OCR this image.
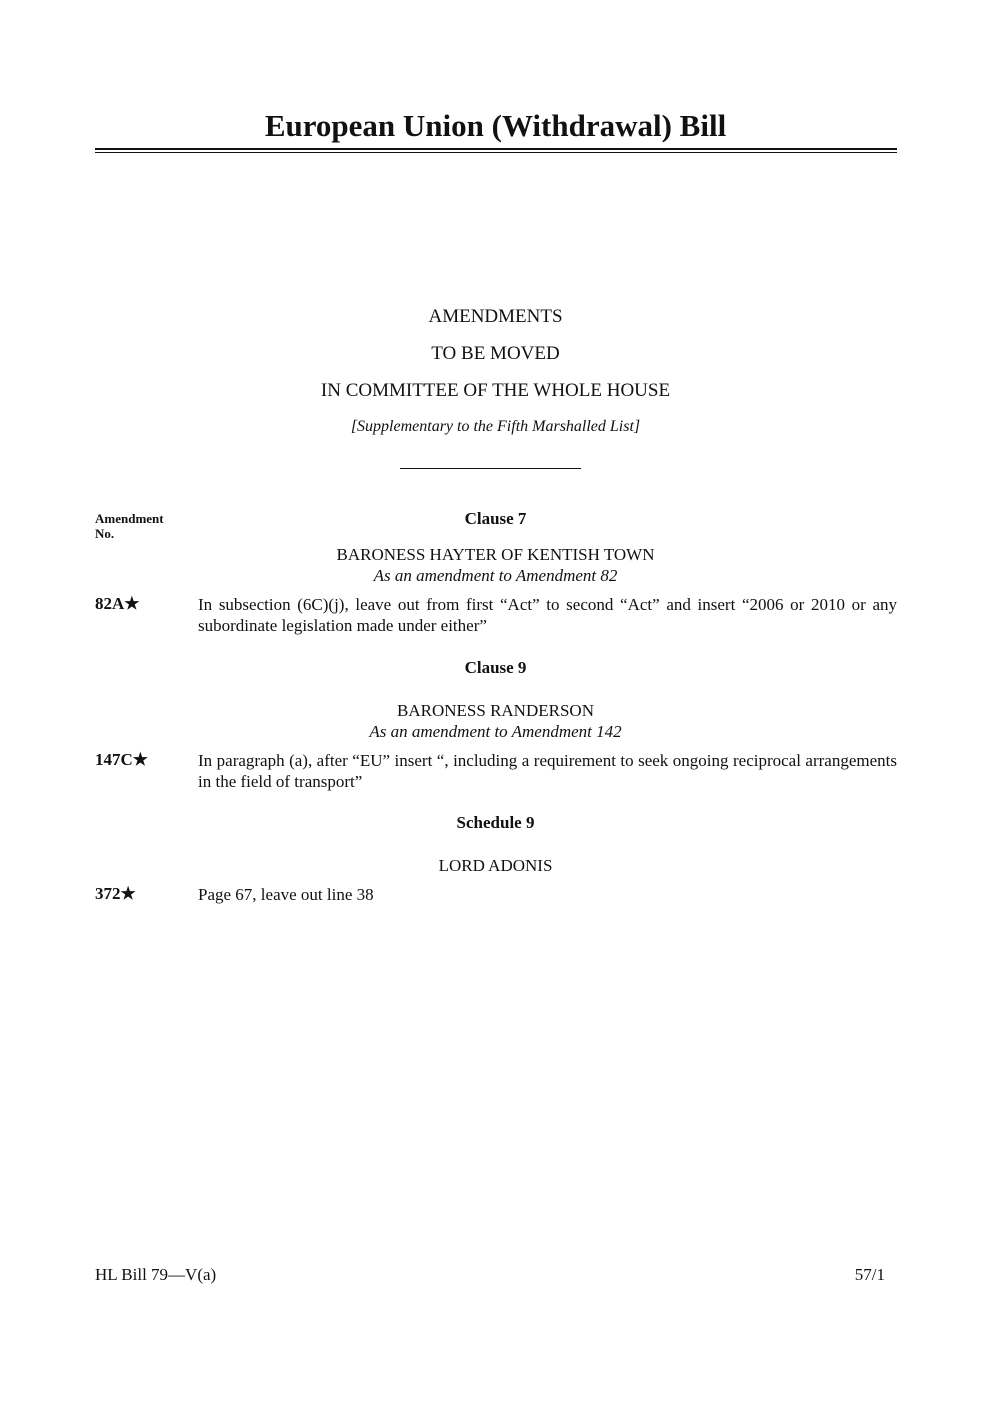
European Union (Withdrawal) Bill
AMENDMENTS
TO BE MOVED
IN COMMITTEE OF THE WHOLE HOUSE
[Supplementary to the Fifth Marshalled List]
Amendment No.
Clause 7
BARONESS HAYTER OF KENTISH TOWN
As an amendment to Amendment 82
82A★	In subsection (6C)(j), leave out from first “Act” to second “Act” and insert “2006 or 2010 or any subordinate legislation made under either”
Clause 9
BARONESS RANDERSON
As an amendment to Amendment 142
147C★	In paragraph (a), after “EU” insert “, including a requirement to seek ongoing reciprocal arrangements in the field of transport”
Schedule 9
LORD ADONIS
372★	Page 67, leave out line 38
HL Bill 79—V(a)	57/1
